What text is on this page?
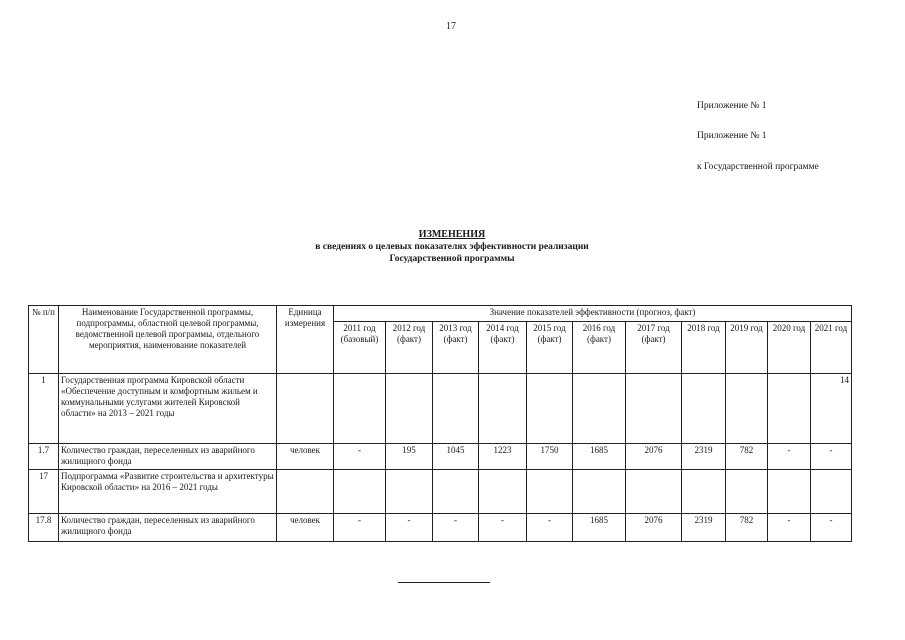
17
Приложение № 1
Приложение № 1
к Государственной программе
ИЗМЕНЕНИЯ
в сведениях о целевых показателях эффективности реализации
Государственной программы
№ п/п	Наименование Государственной программы, подпрограммы, областной целевой программы, ведомственной целевой программы, отдельного мероприятия, наименование показателей	Единица измерения	Значение показателей эффективности (прогноз, факт)										
			2011 год (базовый)	2012 год (факт)	2013 год (факт)	2014 год (факт)	2015 год (факт)	2016 год (факт)	2017 год (факт)	2018 год	2019 год	2020 год	2021 год
1	Государственная программа Кировской области «Обеспечение доступным и комфортным жильем и коммунальными услугами жителей Кировской области» на 2013 – 2021 годы												14
1.7	Количество граждан, переселенных из аварийного жилищного фонда	человек	-	195	1045	1223	1750	1685	2076	2319	782	-	-
17	Подпрограмма «Развитие строительства и архитектуры Кировской области» на 2016 – 2021 годы												
17.8	Количество граждан, переселенных из аварийного жилищного фонда	человек	-	-	-	-	-	1685	2076	2319	782	-	-
